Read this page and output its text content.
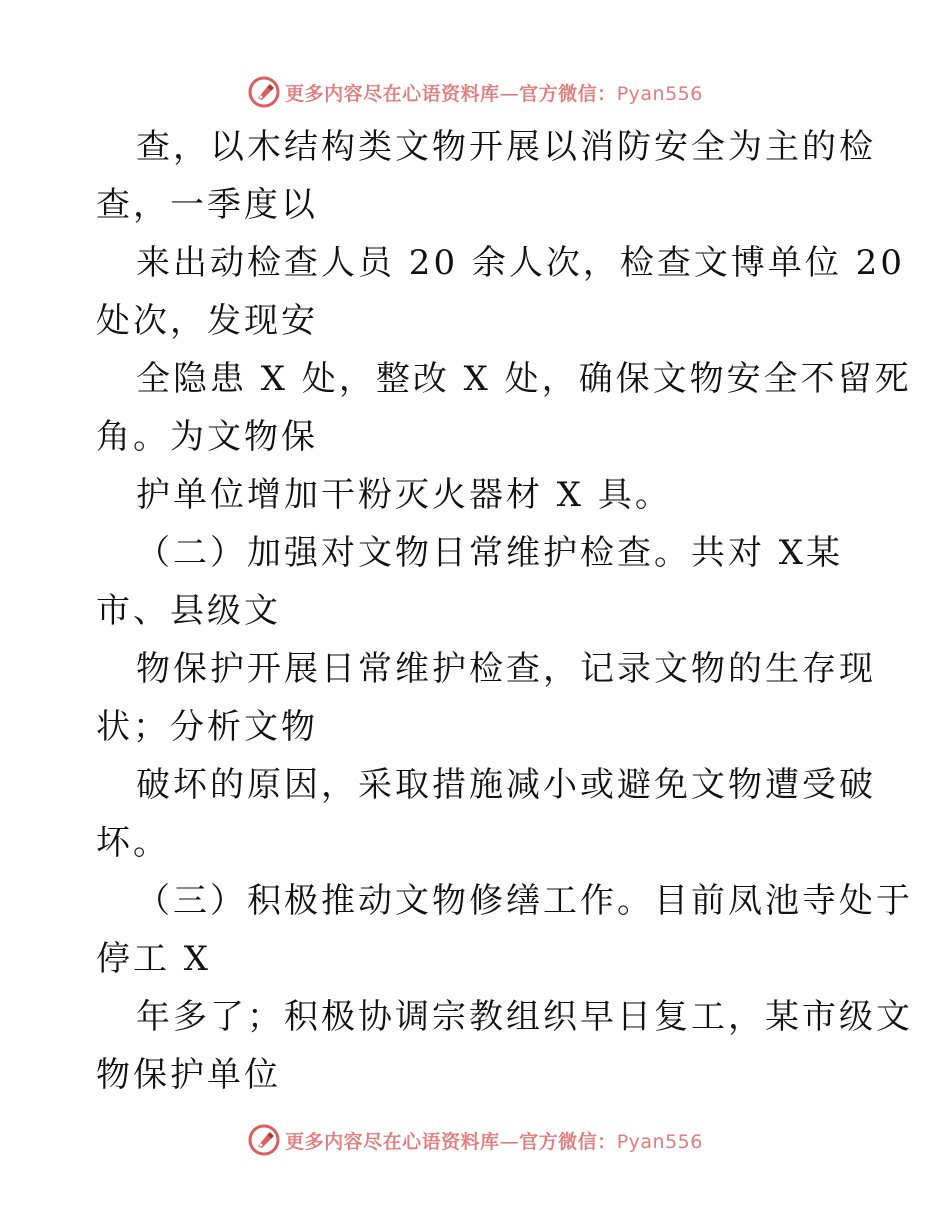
更多内容尽在心语资料库—官方微信：Pyan556
查，以木结构类文物开展以消防安全为主的检
查，一季度以
来出动检查人员 20 余人次，检查文博单位 20
处次，发现安
全隐患 X 处，整改 X 处，确保文物安全不留死
角。为文物保
护单位增加干粉灭火器材 X 具。
（二）加强对文物日常维护检查。共对 X某
市、县级文
物保护开展日常维护检查，记录文物的生存现
状；分析文物
破坏的原因，采取措施减小或避免文物遭受破
坏。
（三）积极推动文物修缮工作。目前凤池寺处于
停工 X
年多了；积极协调宗教组织早日复工，某市级文
物保护单位
更多内容尽在心语资料库—官方微信：Pyan556
